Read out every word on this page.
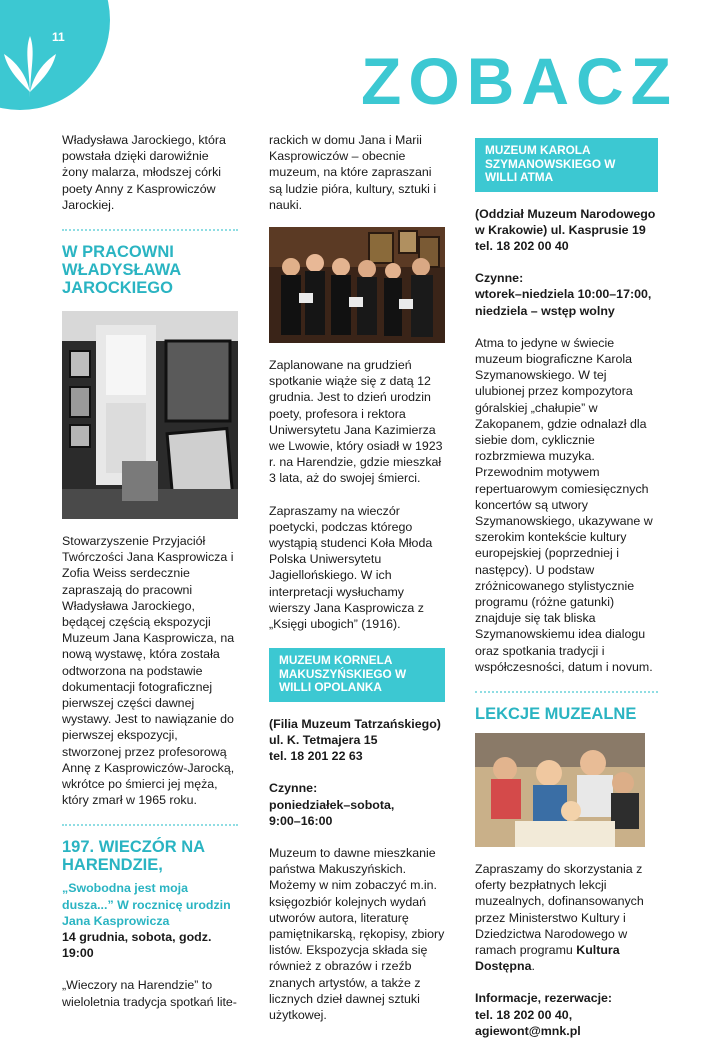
11
ZOBACZ

Władysława Jarockiego, która powstała dzięki darowiźnie żony malarza, młodszej córki poety Anny z Kasprowiczów Jarockiej.

W PRACOWNI WŁADYSŁAWA JAROCKIEGO

Stowarzyszenie Przyjaciół Twórczości Jana Kasprowicza i Zofia Weiss serdecznie zapraszają do pracowni Władysława Jarockiego, będącej częścią ekspozycji Muzeum Jana Kasprowicza, na nową wystawę, która została odtworzona na podstawie dokumentacji fotograficznej pierwszej części dawnej wystawy. Jest to nawiązanie do pierwszej ekspozycji, stworzonej przez profesorową Annę z Kasprowiczów-Jarocką, wkrótce po śmierci jej męża, który zmarł w 1965 roku.

197. WIECZÓR NA HARENDZIE,
„Swobodna jest moja dusza...” W rocznicę urodzin Jana Kasprowicza
14 grudnia, sobota, godz. 19:00

„Wieczory na Harendzie” to wieloletnia tradycja spotkań lite-

rackich w domu Jana i Marii Kasprowiczów – obecnie muzeum, na które zapraszani są ludzie pióra, kultury, sztuki i nauki.

Zaplanowane na grudzień spotkanie wiąże się z datą 12 grudnia. Jest to dzień urodzin poety, profesora i rektora Uniwersytetu Jana Kazimierza we Lwowie, który osiadł w 1923 r. na Harendzie, gdzie mieszkał 3 lata, aż do swojej śmierci.

Zapraszamy na wieczór poetycki, podczas którego wystąpią studenci Koła Młoda Polska Uniwersytetu Jagiellońskiego. W ich interpretacji wysłuchamy wierszy Jana Kasprowicza z „Księgi ubogich” (1916).

MUZEUM KORNELA MAKUSZYŃSKIEGO W WILLI OPOLANKA
(Filia Muzeum Tatrzańskiego)
ul. K. Tetmajera 15
tel. 18 201 22 63
Czynne:
poniedziałek–sobota,
9:00–16:00

Muzeum to dawne mieszkanie państwa Makuszyńskich. Możemy w nim zobaczyć m.in. księgozbiór kolejnych wydań utworów autora, literaturę pamiętnikarską, rękopisy, zbiory listów. Ekspozycja składa się również z obrazów i rzeźb znanych artystów, a także z licznych dzieł dawnej sztuki użytkowej.

MUZEUM KAROLA SZYMANOWSKIEGO W WILLI ATMA
(Oddział Muzeum Narodowego
w Krakowie) ul. Kasprusie 19
tel. 18 202 00 40
Czynne:
wtorek–niedziela 10:00–17:00,
niedziela – wstęp wolny

Atma to jedyne w świecie muzeum biograficzne Karola Szymanowskiego. W tej ulubionej przez kompozytora góralskiej „chałupie” w Zakopanem, gdzie odnalazł dla siebie dom, cyklicznie rozbrzmiewa muzyka. Przewodnim motywem repertuarowym comiesięcznych koncertów są utwory Szymanowskiego, ukazywane w szerokim kontekście kultury europejskiej (poprzedniej i następcy). U podstaw zróżnicowanego stylistycznie programu (różne gatunki) znajduje się tak bliska Szymanowskiemu idea dialogu oraz spotkania tradycji i współczesności, datum i novum.

LEKCJE MUZEALNE

Zapraszamy do skorzystania z oferty bezpłatnych lekcji muzealnych, dofinansowanych przez Ministerstwo Kultury i Dziedzictwa Narodowego w ramach programu Kultura Dostępna.

Informacje, rezerwacje:
tel. 18 202 00 40,
agiewont@mnk.pl
